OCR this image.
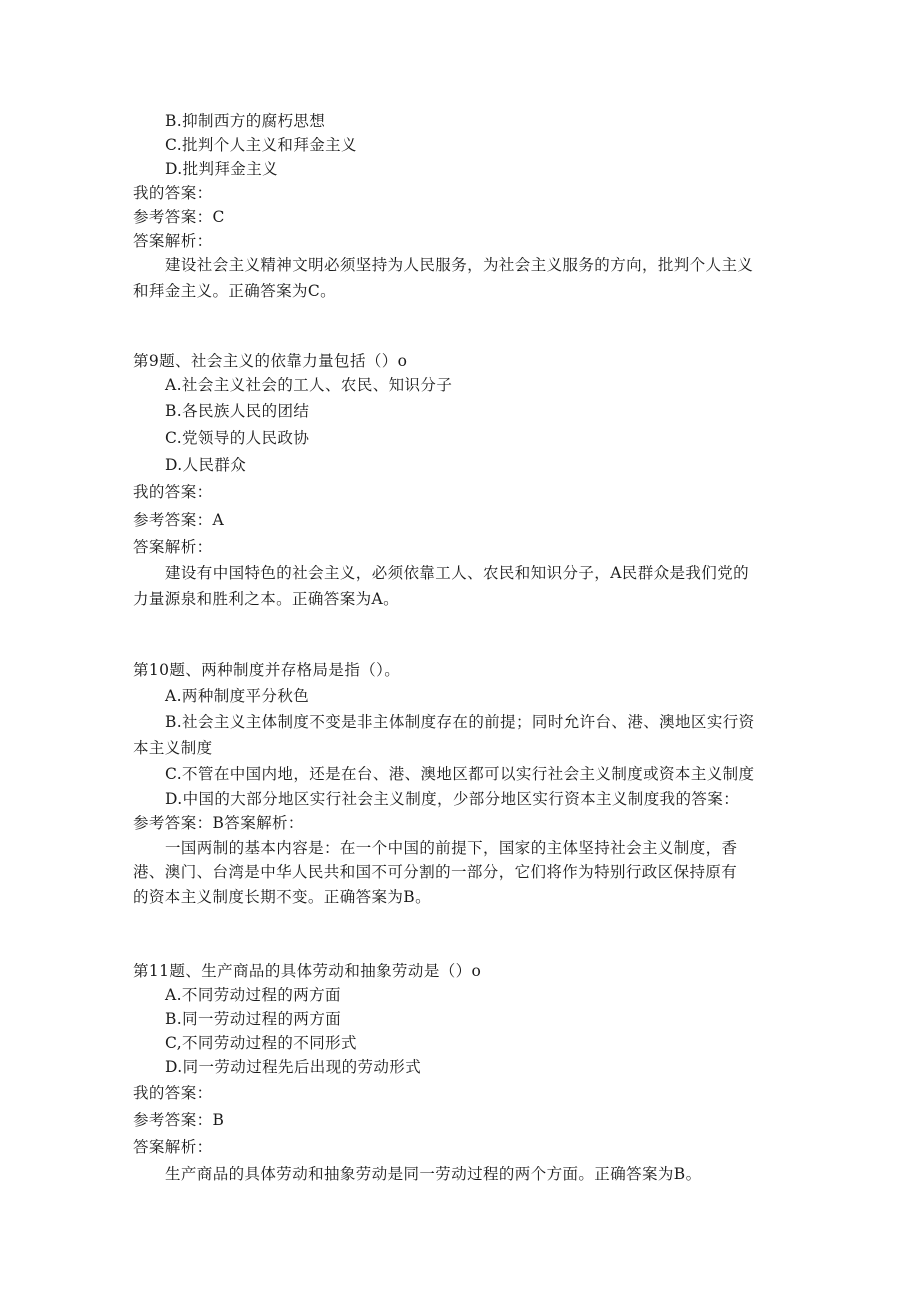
B.抑制西方的腐朽思想
C.批判个人主义和拜金主义
D.批判拜金主义
我的答案：
参考答案：C
答案解析：
建设社会主义精神文明必须坚持为人民服务，为社会主义服务的方向，批判个人主义
和拜金主义。正确答案为C。
第9题、社会主义的依靠力量包括（）o
A.社会主义社会的工人、农民、知识分子
B.各民族人民的团结
C.党领导的人民政协
D.人民群众
我的答案：
参考答案：A
答案解析：
建设有中国特色的社会主义，必须依靠工人、农民和知识分子，A民群众是我们党的
力量源泉和胜利之本。正确答案为A。
第10题、两种制度并存格局是指（）。
A.两种制度平分秋色
B.社会主义主体制度不变是非主体制度存在的前提；同时允许台、港、澳地区实行资
本主义制度
C.不管在中国内地，还是在台、港、澳地区都可以实行社会主义制度或资本主义制度
D.中国的大部分地区实行社会主义制度，少部分地区实行资本主义制度我的答案：
参考答案：B答案解析：
一国两制的基本内容是：在一个中国的前提下，国家的主体坚持社会主义制度，香
港、澳门、台湾是中华人民共和国不可分割的一部分，它们将作为特别行政区保持原有
的资本主义制度长期不变。正确答案为B。
第11题、生产商品的具体劳动和抽象劳动是（）o
A.不同劳动过程的两方面
B.同一劳动过程的两方面
C,不同劳动过程的不同形式
D.同一劳动过程先后出现的劳动形式
我的答案：
参考答案：B
答案解析：
生产商品的具体劳动和抽象劳动是同一劳动过程的两个方面。正确答案为B。
